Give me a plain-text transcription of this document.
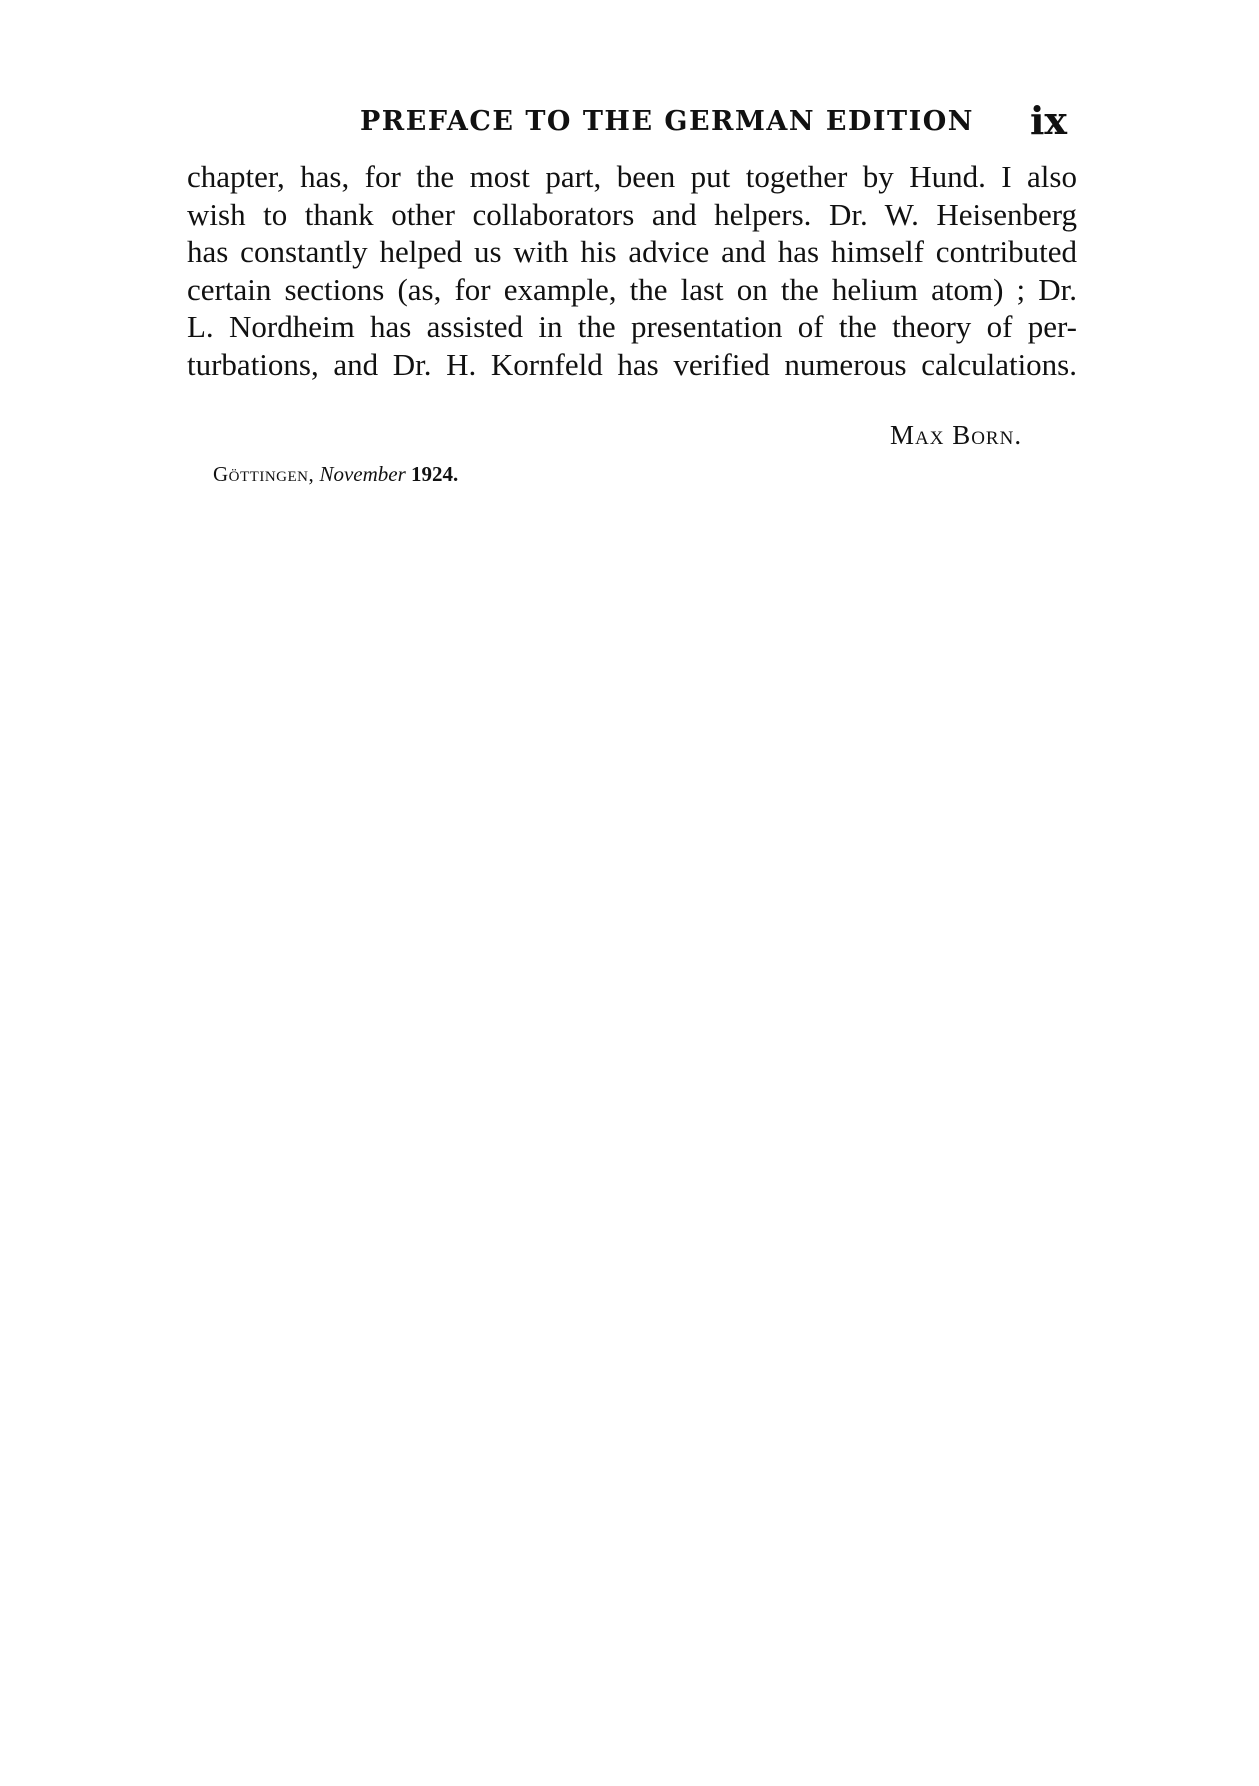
PREFACE TO THE GERMAN EDITION ix
chapter, has, for the most part, been put together by Hund. I also
wish to thank other collaborators and helpers. Dr. W. Heisenberg
has constantly helped us with his advice and has himself contributed
certain sections (as, for example, the last on the helium atom) ; Dr.
L. Nordheim has assisted in the presentation of the theory of per-
turbations, and Dr. H. Kornfeld has verified numerous calculations.
Max Born.
Göttingen, November 1924.
